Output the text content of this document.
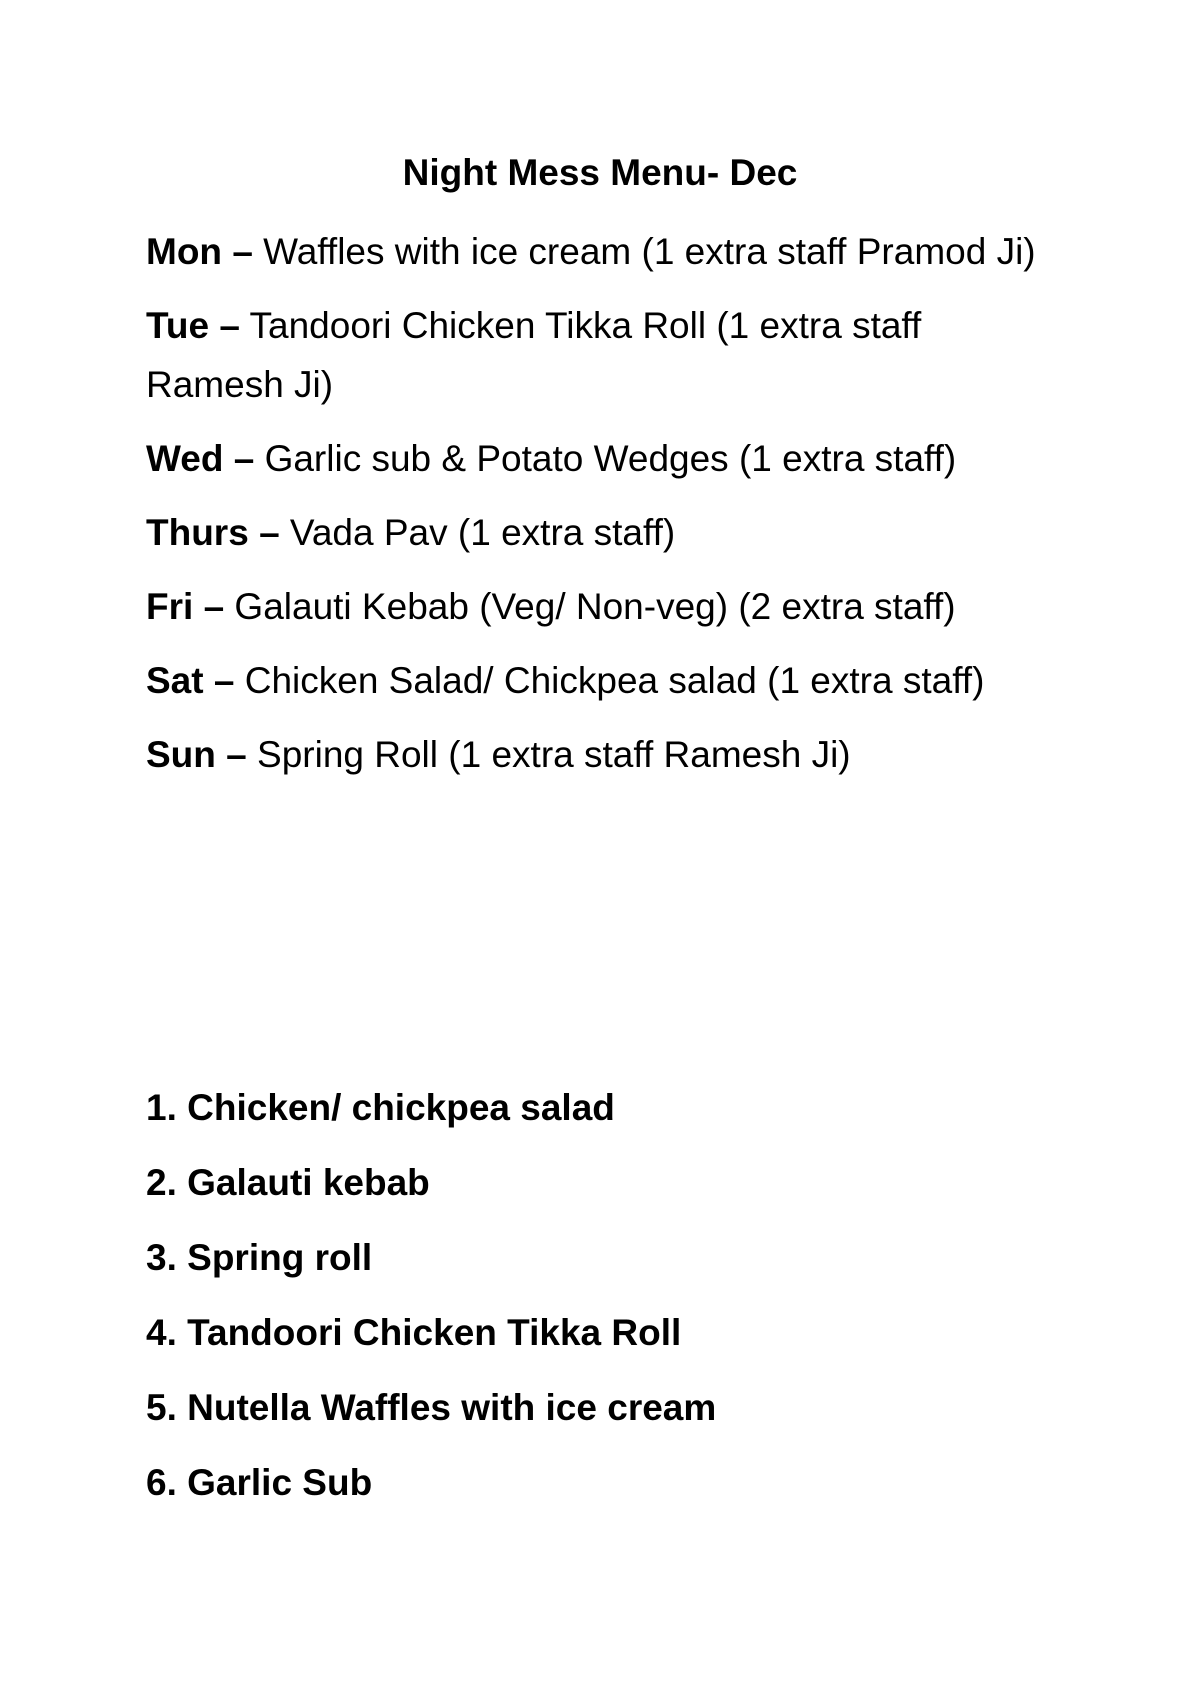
Night Mess Menu- Dec
Mon – Waffles with ice cream (1 extra staff Pramod Ji)
Tue – Tandoori Chicken Tikka Roll (1 extra staff Ramesh Ji)
Wed – Garlic sub & Potato Wedges (1 extra staff)
Thurs – Vada Pav (1 extra staff)
Fri – Galauti Kebab (Veg/ Non-veg) (2 extra staff)
Sat – Chicken Salad/ Chickpea salad (1 extra staff)
Sun – Spring Roll (1 extra staff Ramesh Ji)
1. Chicken/ chickpea salad
2. Galauti kebab
3. Spring roll
4. Tandoori Chicken Tikka Roll
5. Nutella Waffles with ice cream
6. Garlic Sub
